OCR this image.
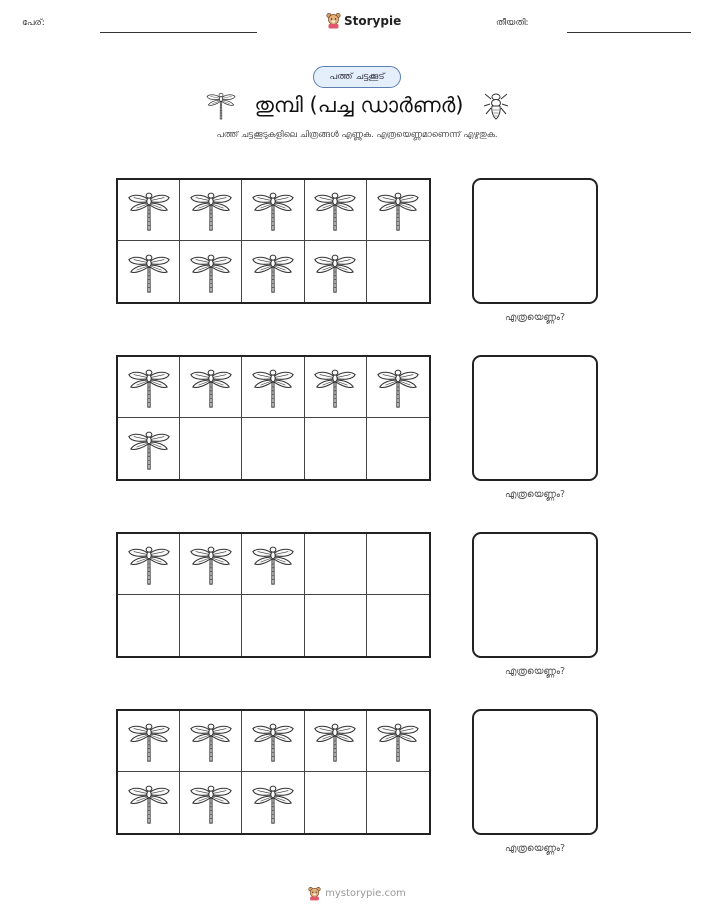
പേര്:	Storypie	തീയതി:
പത്ത് ചട്ടക്കൂട്
തുമ്പി (പച്ച ഡാർണർ)
പത്ത് ചട്ടക്കൂടുകളിലെ ചിത്രങ്ങൾ എണ്ണുക. എത്രയെണ്ണമാണെന്ന് എഴുതുക.
എത്രയെണ്ണം?
എത്രയെണ്ണം?
എത്രയെണ്ണം?
എത്രയെണ്ണം?
mystorypie.com
